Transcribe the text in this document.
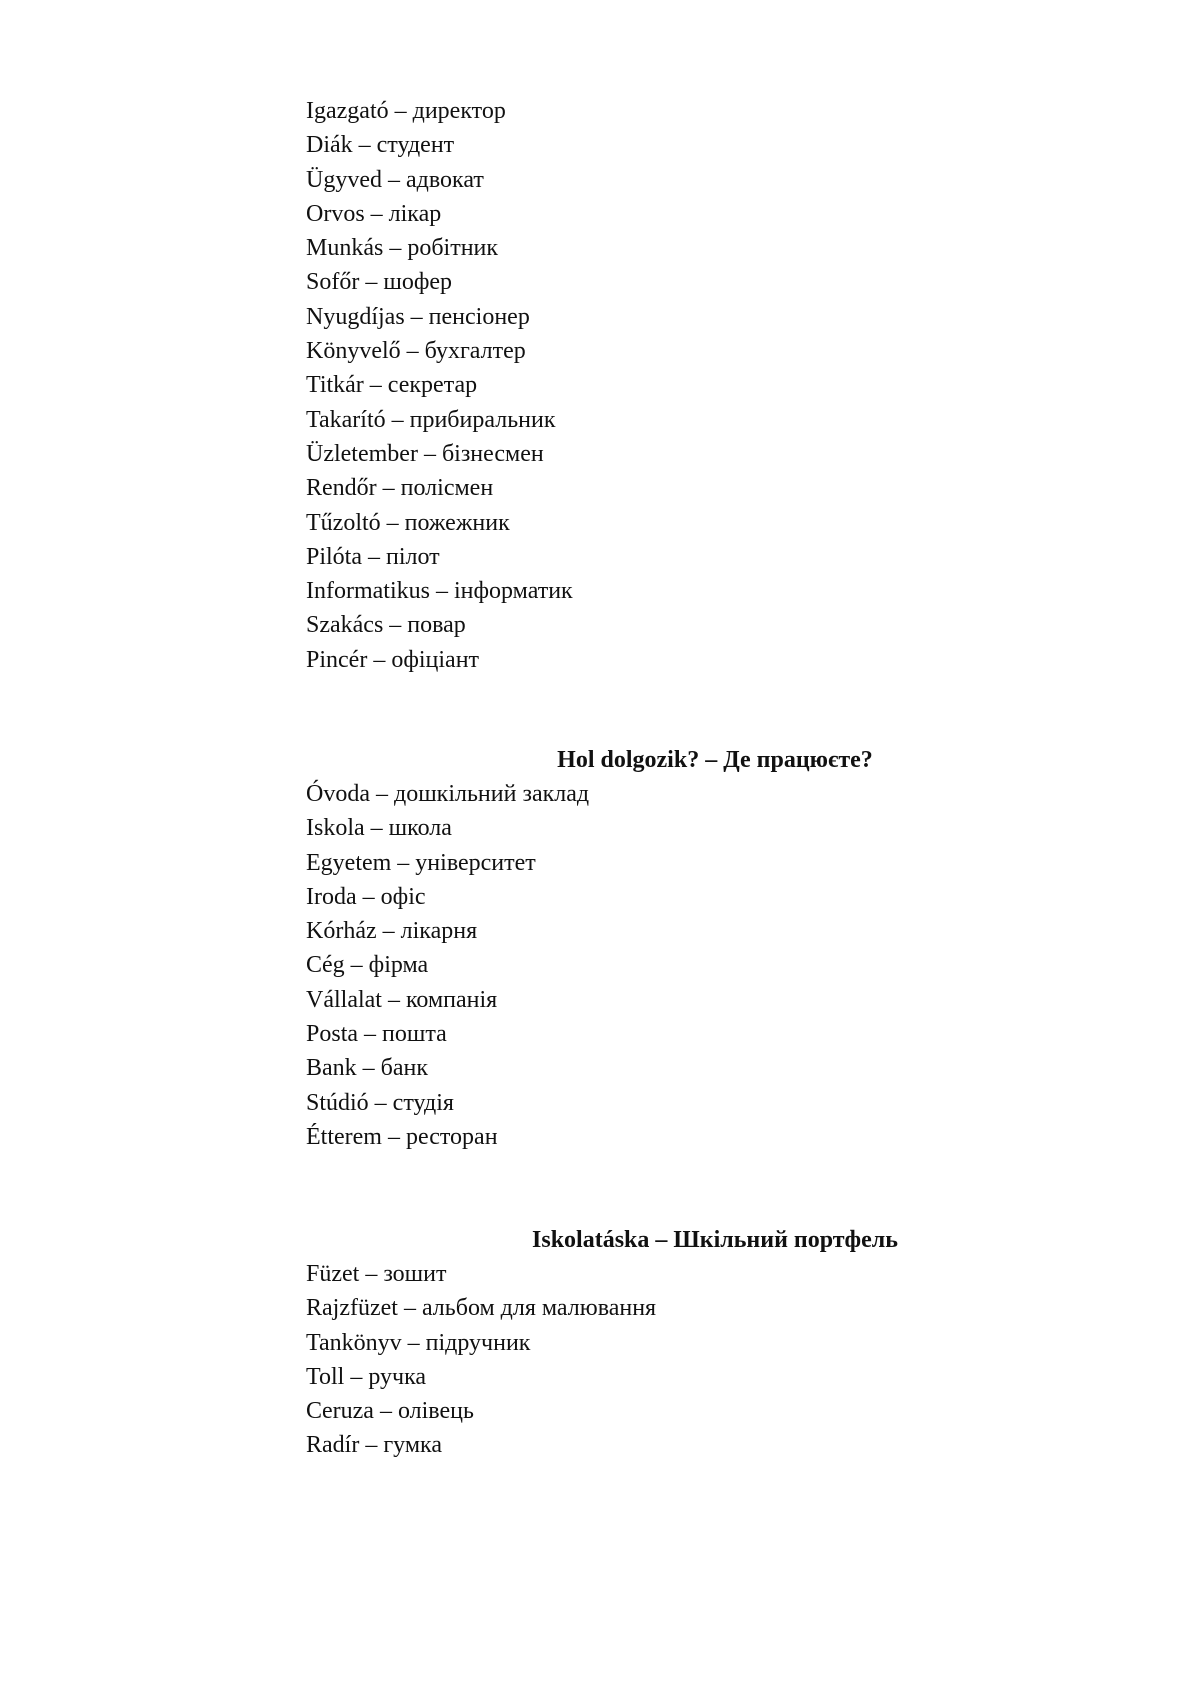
Igazgató – директор
Diák – студент
Ügyved – адвокат
Orvos – лікар
Munkás – робітник
Sofőr – шофер
Nyugdíjas – пенсіонер
Könyvelő – бухгалтер
Titkár – секретар
Takarító – прибиральник
Üzletember – бізнесмен
Rendőr – полісмен
Tűzoltó – пожежник
Pilóta – пілот
Informatikus – інформатик
Szakács – повар
Pincér – офіціант
Hol dolgozik? – Де працюєте?
Óvoda – дошкільний заклад
Iskola – школа
Egyetem – університет
Iroda – офіс
Kórház – лікарня
Cég – фірма
Vállalat – компанія
Posta – пошта
Bank – банк
Stúdió – студія
Étterem – ресторан
Iskolatáska – Шкільний портфель
Füzet – зошит
Rajzfüzet – альбом для малювання
Tankönyv – підручник
Toll – ручка
Ceruza – олівець
Radír – гумка
